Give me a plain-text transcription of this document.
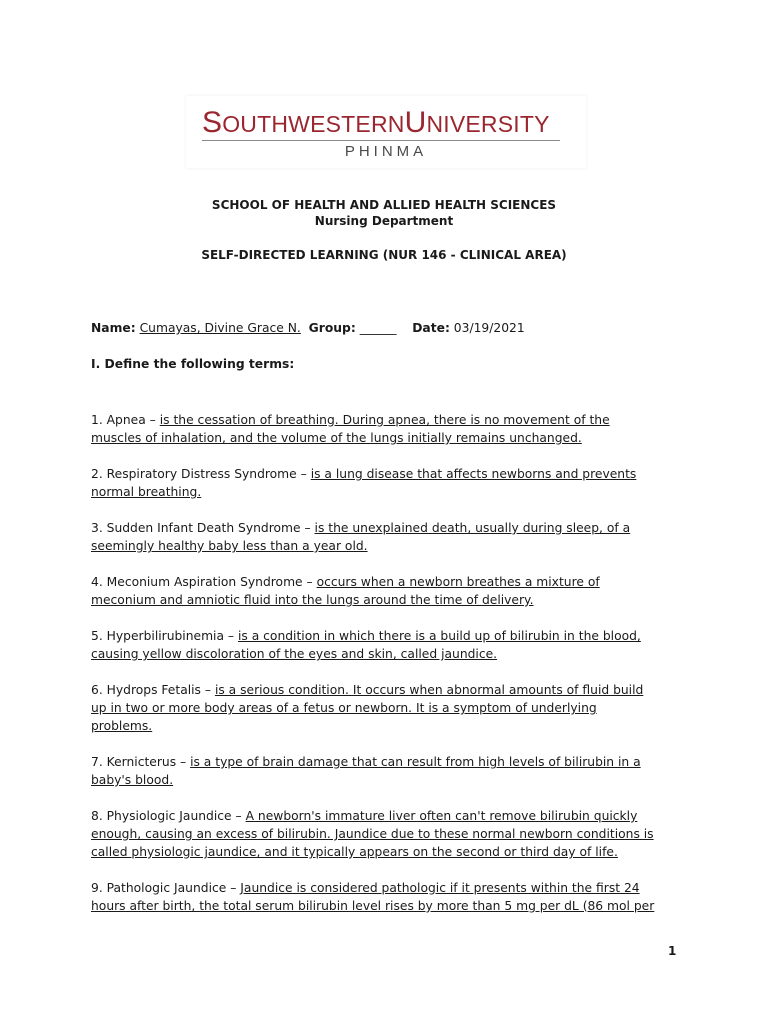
SOUTHWESTERNUNIVERSITY
PHINMA
SCHOOL OF HEALTH AND ALLIED HEALTH SCIENCES
Nursing Department
SELF-DIRECTED LEARNING (NUR 146 - CLINICAL AREA)
Name: Cumayas, Divine Grace N. Group: ______ Date: 03/19/2021
I. Define the following terms:
1. Apnea – is the cessation of breathing. During apnea, there is no movement of the
muscles of inhalation, and the volume of the lungs initially remains unchanged.
2. Respiratory Distress Syndrome – is a lung disease that affects newborns and prevents
normal breathing.
3. Sudden Infant Death Syndrome – is the unexplained death, usually during sleep, of a
seemingly healthy baby less than a year old.
4. Meconium Aspiration Syndrome – occurs when a newborn breathes a mixture of
meconium and amniotic fluid into the lungs around the time of delivery.
5. Hyperbilirubinemia – is a condition in which there is a build up of bilirubin in the blood,
causing yellow discoloration of the eyes and skin, called jaundice.
6. Hydrops Fetalis – is a serious condition. It occurs when abnormal amounts of fluid build
up in two or more body areas of a fetus or newborn. It is a symptom of underlying
problems.
7. Kernicterus – is a type of brain damage that can result from high levels of bilirubin in a
baby's blood.
8. Physiologic Jaundice – A newborn's immature liver often can't remove bilirubin quickly
enough, causing an excess of bilirubin. Jaundice due to these normal newborn conditions is
called physiologic jaundice, and it typically appears on the second or third day of life.
9. Pathologic Jaundice – Jaundice is considered pathologic if it presents within the first 24
hours after birth, the total serum bilirubin level rises by more than 5 mg per dL (86 mol per
1
